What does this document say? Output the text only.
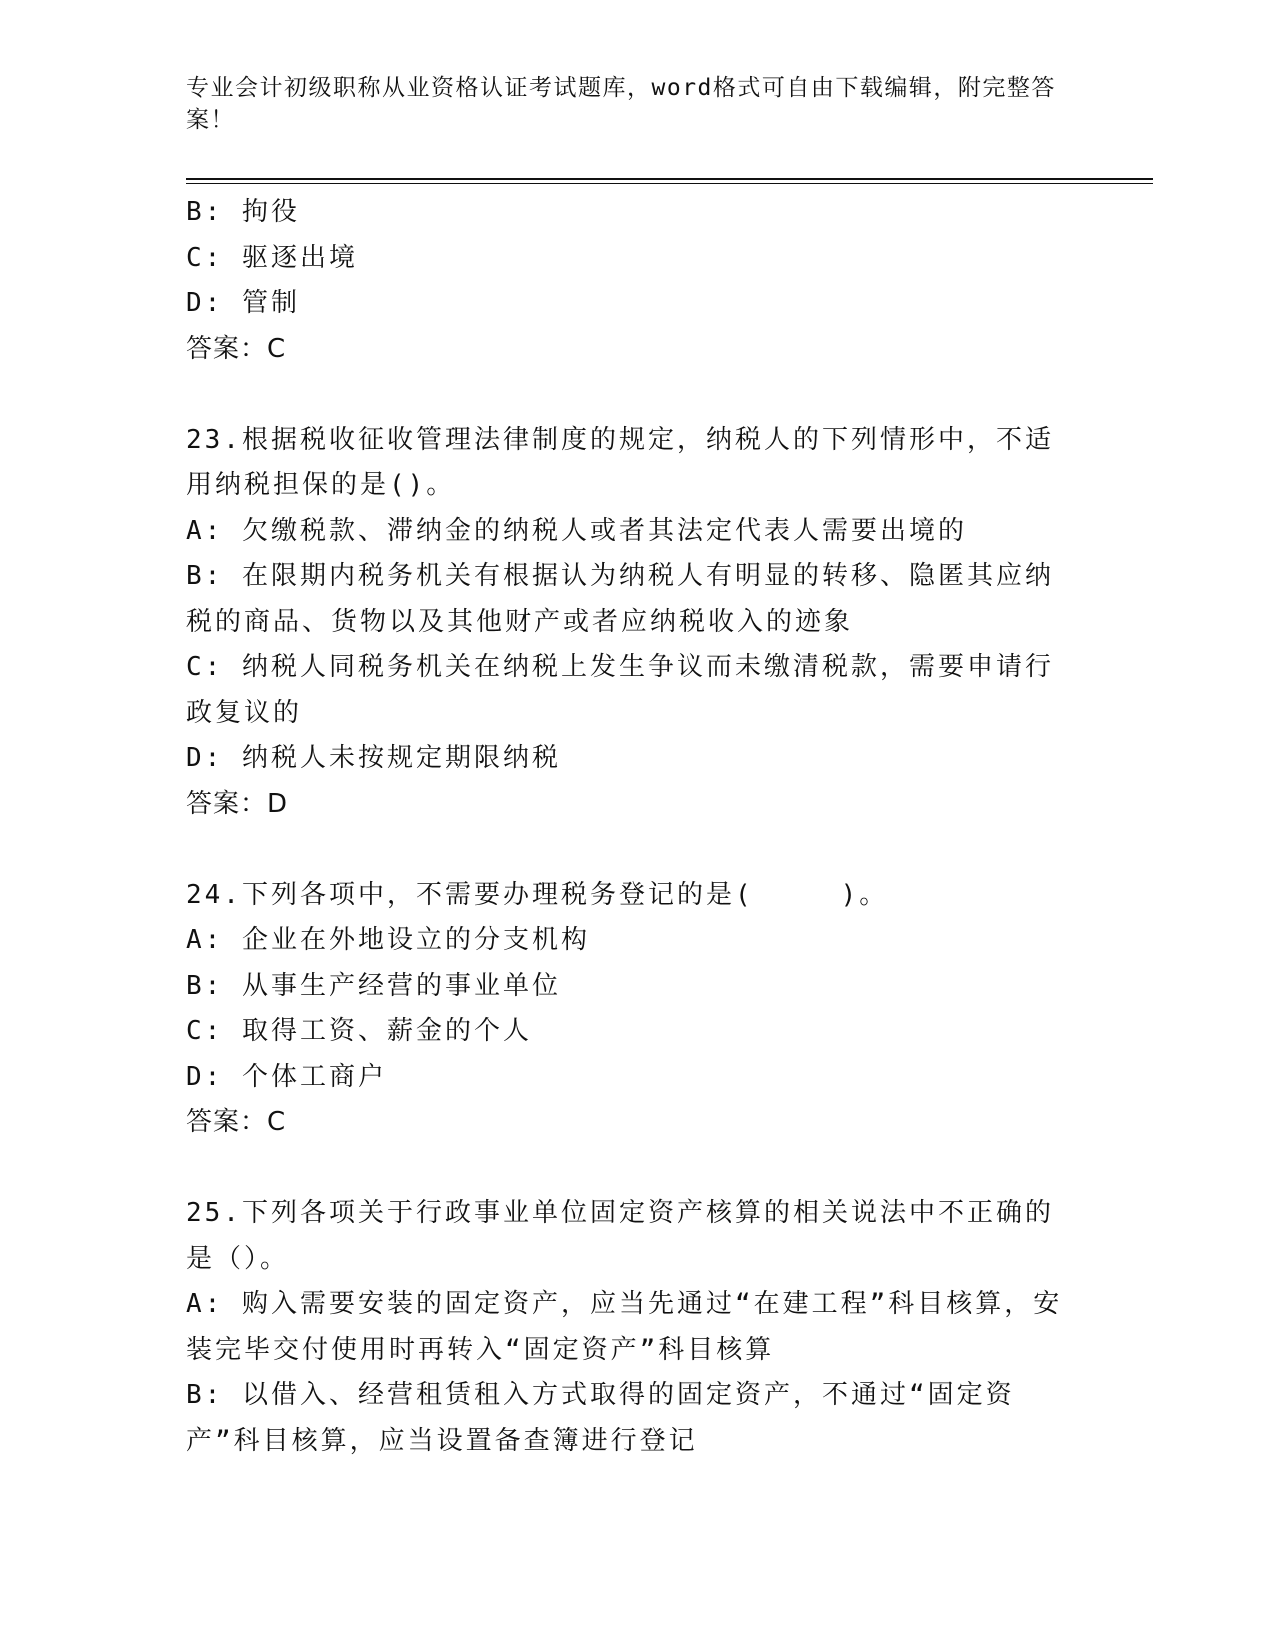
专业会计初级职称从业资格认证考试题库，word格式可自由下载编辑，附完整答案！
B: 拘役
C: 驱逐出境
D: 管制
答案：C
23.根据税收征收管理法律制度的规定，纳税人的下列情形中，不适用纳税担保的是()。
A: 欠缴税款、滞纳金的纳税人或者其法定代表人需要出境的
B: 在限期内税务机关有根据认为纳税人有明显的转移、隐匿其应纳税的商品、货物以及其他财产或者应纳税收入的迹象
C: 纳税人同税务机关在纳税上发生争议而未缴清税款，需要申请行政复议的
D: 纳税人未按规定期限纳税
答案：D
24.下列各项中，不需要办理税务登记的是(　　　)。
A: 企业在外地设立的分支机构
B: 从事生产经营的事业单位
C: 取得工资、薪金的个人
D: 个体工商户
答案：C
25.下列各项关于行政事业单位固定资产核算的相关说法中不正确的是（）。
A: 购入需要安装的固定资产，应当先通过“在建工程”科目核算，安装完毕交付使用时再转入“固定资产”科目核算
B: 以借入、经营租赁租入方式取得的固定资产，不通过“固定资产”科目核算，应当设置备查簿进行登记
